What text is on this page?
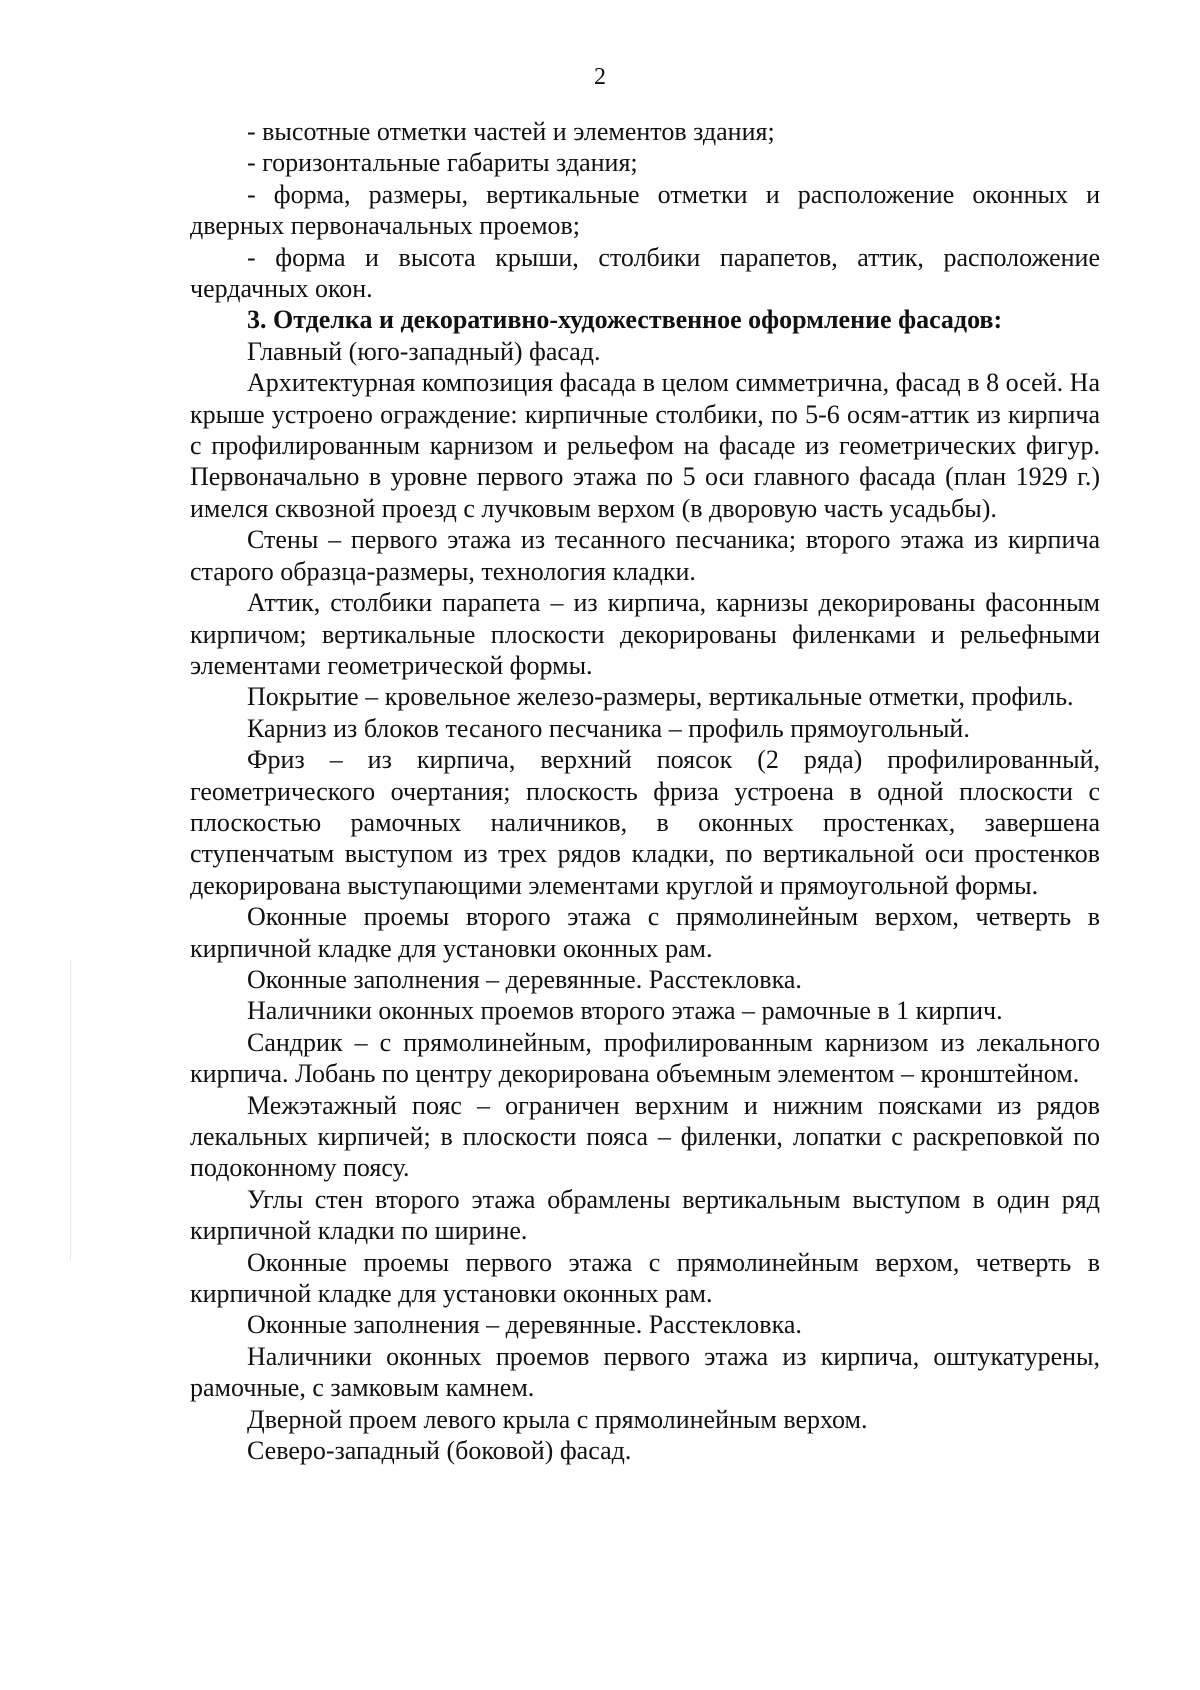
2

- высотные отметки частей и элементов здания;

- горизонтальные габариты здания;

- форма, размеры, вертикальные отметки и расположение оконных и дверных первоначальных проемов;

- форма и высота крыши, столбики парапетов, аттик, расположение чердачных окон.

3. Отделка и декоративно-художественное оформление фасадов:

Главный (юго-западный) фасад.

Архитектурная композиция фасада в целом симметрична, фасад в 8 осей. На крыше устроено ограждение: кирпичные столбики, по 5-6 осям-аттик из кирпича с профилированным карнизом и рельефом на фасаде из геометрических фигур. Первоначально в уровне первого этажа по 5 оси главного фасада (план 1929 г.) имелся сквозной проезд с лучковым верхом (в дворовую часть усадьбы).

Стены – первого этажа из тесанного песчаника; второго этажа из кирпича старого образца-размеры, технология кладки.

Аттик, столбики парапета – из кирпича, карнизы декорированы фасонным кирпичом; вертикальные плоскости декорированы филенками и рельефными элементами геометрической формы.

Покрытие – кровельное железо-размеры, вертикальные отметки, профиль.

Карниз из блоков тесаного песчаника – профиль прямоугольный.

Фриз – из кирпича, верхний поясок (2 ряда) профилированный, геометрического очертания; плоскость фриза устроена в одной плоскости с плоскостью рамочных наличников, в оконных простенках, завершена ступенчатым выступом из трех рядов кладки, по вертикальной оси простенков декорирована выступающими элементами круглой и прямоугольной формы.

Оконные проемы второго этажа с прямолинейным верхом, четверть в кирпичной кладке для установки оконных рам.

Оконные заполнения – деревянные. Расстекловка.

Наличники оконных проемов второго этажа – рамочные в 1 кирпич.

Сандрик – с прямолинейным, профилированным карнизом из лекального кирпича. Лобань по центру декорирована объемным элементом – кронштейном.

Межэтажный пояс – ограничен верхним и нижним поясками из рядов лекальных кирпичей; в плоскости пояса – филенки, лопатки с раскреповкой по подоконному поясу.

Углы стен второго этажа обрамлены вертикальным выступом в один ряд кирпичной кладки по ширине.

Оконные проемы первого этажа с прямолинейным верхом, четверть в кирпичной кладке для установки оконных рам.

Оконные заполнения – деревянные. Расстекловка.

Наличники оконных проемов первого этажа из кирпича, оштукатурены, рамочные, с замковым камнем.

Дверной проем левого крыла с прямолинейным верхом.

Северо-западный (боковой) фасад.
